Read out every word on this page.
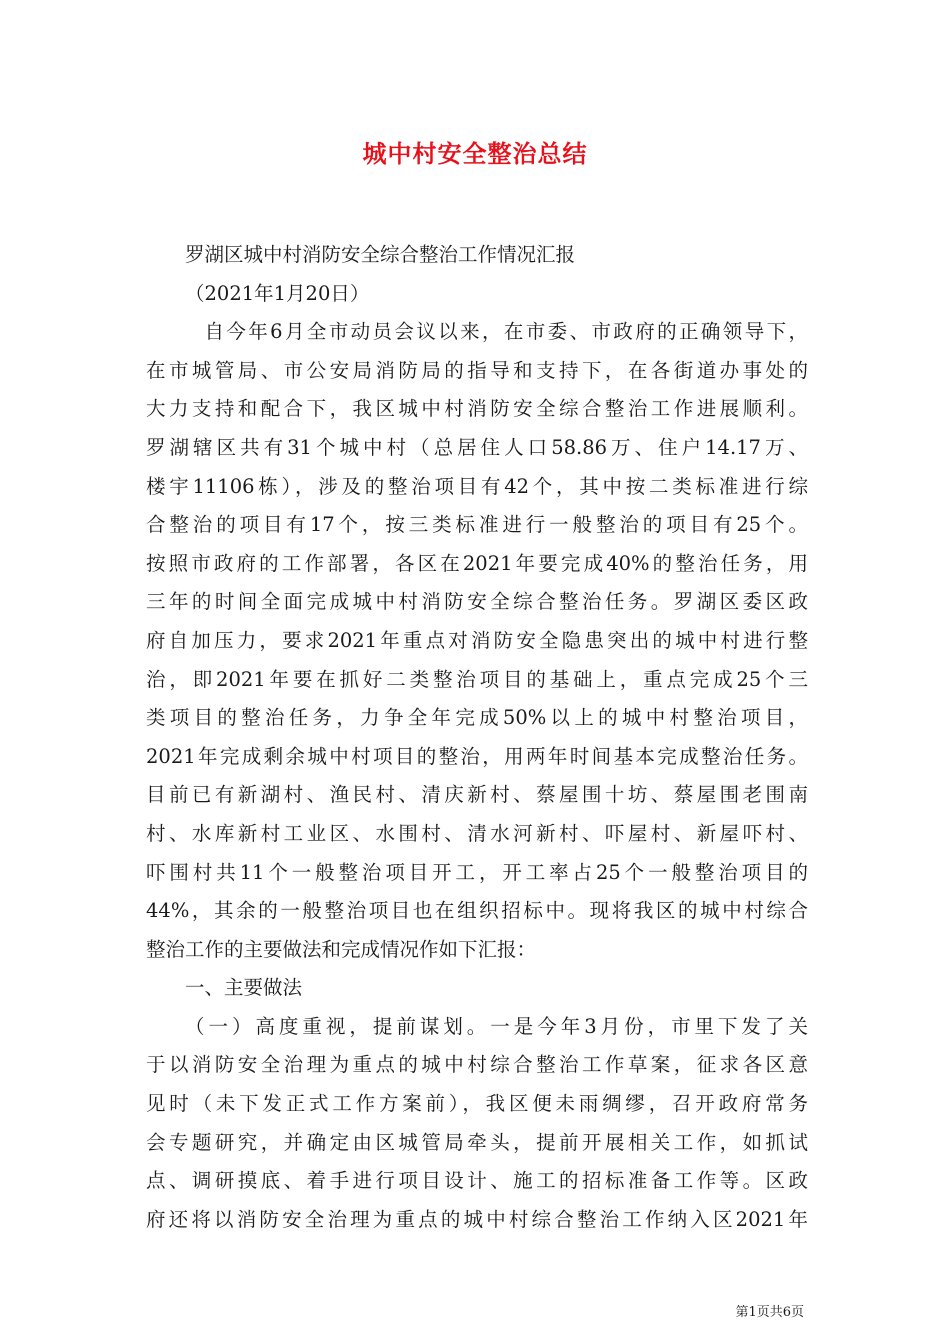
城中村安全整治总结

罗湖区城中村消防安全综合整治工作情况汇报

（2021年1月20日）

自今年6月全市动员会议以来，在市委、市政府的正确领导下，

在市城管局、市公安局消防局的指导和支持下，在各街道办事处的

大力支持和配合下，我区城中村消防安全综合整治工作进展顺利。

罗湖辖区共有31个城中村（总居住人口58.86万、住户14.17万、

楼宇11106栋），涉及的整治项目有42个，其中按二类标准进行综

合整治的项目有17个，按三类标准进行一般整治的项目有25个。

按照市政府的工作部署，各区在2021年要完成40%的整治任务，用

三年的时间全面完成城中村消防安全综合整治任务。罗湖区委区政

府自加压力，要求2021年重点对消防安全隐患突出的城中村进行整

治，即2021年要在抓好二类整治项目的基础上，重点完成25个三

类项目的整治任务，力争全年完成50%以上的城中村整治项目，

2021年完成剩余城中村项目的整治，用两年时间基本完成整治任务。

目前已有新湖村、渔民村、清庆新村、蔡屋围十坊、蔡屋围老围南

村、水库新村工业区、水围村、清水河新村、吓屋村、新屋吓村、

吓围村共11个一般整治项目开工，开工率占25个一般整治项目的

44%，其余的一般整治项目也在组织招标中。现将我区的城中村综合

整治工作的主要做法和完成情况作如下汇报：

一、主要做法

（一）高度重视，提前谋划。一是今年3月份，市里下发了关

于以消防安全治理为重点的城中村综合整治工作草案，征求各区意

见时（未下发正式工作方案前），我区便未雨绸缪，召开政府常务

会专题研究，并确定由区城管局牵头，提前开展相关工作，如抓试

点、调研摸底、着手进行项目设计、施工的招标准备工作等。区政

府还将以消防安全治理为重点的城中村综合整治工作纳入区2021年

第1页共6页
